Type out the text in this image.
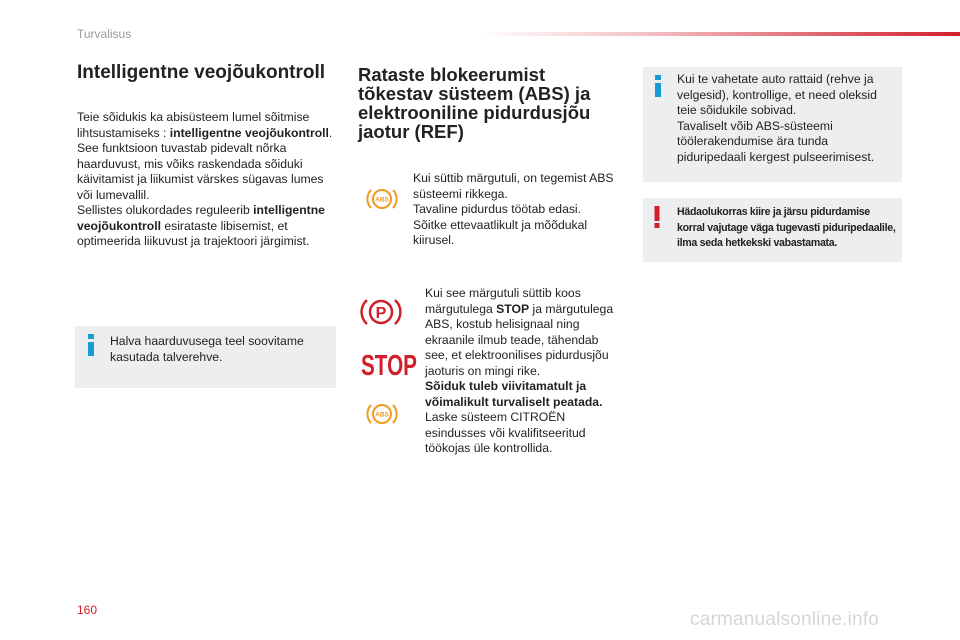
Turvalisus
Intelligentne veojõukontroll

Teie sõidukis ka abisüsteem lumel sõitmise

lihtsustamiseks : intelligentne veojõukontroll.

See funktsioon tuvastab pidevalt nõrka

haarduvust, mis võiks raskendada sõiduki

käivitamist ja liikumist värskes sügavas lumes

või lumevallil.

Sellistes olukordades reguleerib intelligentne

veojõukontroll esirataste libisemist, et

optimeerida liikuvust ja trajektoori järgimist.

Halva haarduvusega teel soovitame
kasutada talverehve.
Rataste blokeerumist
tõkestav süsteem (ABS) ja
elektrooniline pidurdusjõu
jaotur (REF)
ABS

Kui süttib märgutuli, on tegemist ABS

süsteemi rikkega.

Tavaline pidurdus töötab edasi.

Sõitke ettevaatlikult ja mõõdukal

kiirusel.

P
STOP
ABS

Kui see märgutuli süttib koos

märgutulega STOP ja märgutulega

ABS, kostub helisignaal ning

ekraanile ilmub teade, tähendab

see, et elektroonilises pidurdusjõu

jaoturis on mingi rike.

Sõiduk tuleb viivitamatult ja

võimalikult turvaliselt peatada.

Laske süsteem CITROËN

esindusses või kvalifitseeritud

töökojas üle kontrollida.

Kui te vahetate auto rattaid (rehve ja
velgesid), kontrollige, et need oleksid
teie sõidukile sobivad.
Tavaliselt võib ABS-süsteemi
töölerakendumise ära tunda
piduripedaali kergest pulseerimisest.
Hädaolukorras kiire ja järsu pidurdamise
korral vajutage väga tugevasti piduripedaalile,
ilma seda hetkekski vabastamata.
160	carmanualsonline.info
